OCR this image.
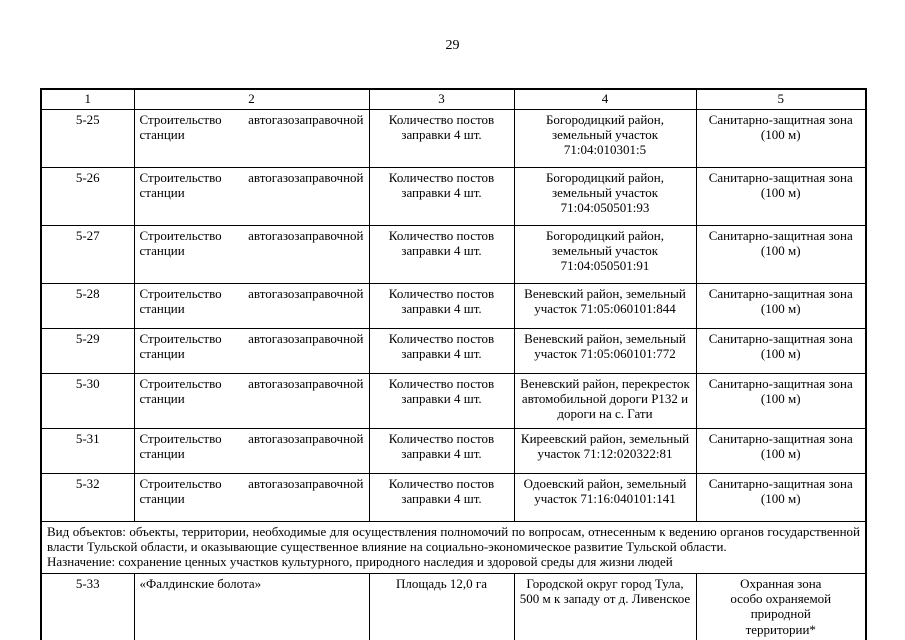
29
1	2	3	4	5
5-25	Строительство автогазозаправочной станции	Количество постов заправки 4 шт.	Богородицкий район, земельный участок 71:04:010301:5	Санитарно-защитная зона (100 м)
5-26	Строительство автогазозаправочной станции	Количество постов заправки 4 шт.	Богородицкий район, земельный участок 71:04:050501:93	Санитарно-защитная зона (100 м)
5-27	Строительство автогазозаправочной станции	Количество постов заправки 4 шт.	Богородицкий район, земельный участок 71:04:050501:91	Санитарно-защитная зона (100 м)
5-28	Строительство автогазозаправочной станции	Количество постов заправки 4 шт.	Веневский район, земельный участок 71:05:060101:844	Санитарно-защитная зона (100 м)
5-29	Строительство автогазозаправочной станции	Количество постов заправки 4 шт.	Веневский район, земельный участок 71:05:060101:772	Санитарно-защитная зона (100 м)
5-30	Строительство автогазозаправочной станции	Количество постов заправки 4 шт.	Веневский район, перекресток автомобильной дороги Р132 и дороги на с. Гати	Санитарно-защитная зона (100 м)
5-31	Строительство автогазозаправочной станции	Количество постов заправки 4 шт.	Киреевский район, земельный участок 71:12:020322:81	Санитарно-защитная зона (100 м)
5-32	Строительство автогазозаправочной станции	Количество постов заправки 4 шт.	Одоевский район, земельный участок 71:16:040101:141	Санитарно-защитная зона (100 м)

Вид объектов: объекты, территории, необходимые для осуществления полномочий по вопросам, отнесенным к ведению органов государственной власти Тульской области, и оказывающие существенное влияние на социально-экономическое развитие Тульской области.

Назначение: сохранение ценных участков культурного, природного наследия и здоровой среды для жизни людей				

5-33	«Фалдинские болота»	Площадь 12,0 га	Городской округ город Тула, 500 м к западу от д. Ливенское	Охранная зона особо охраняемой природной территории*
